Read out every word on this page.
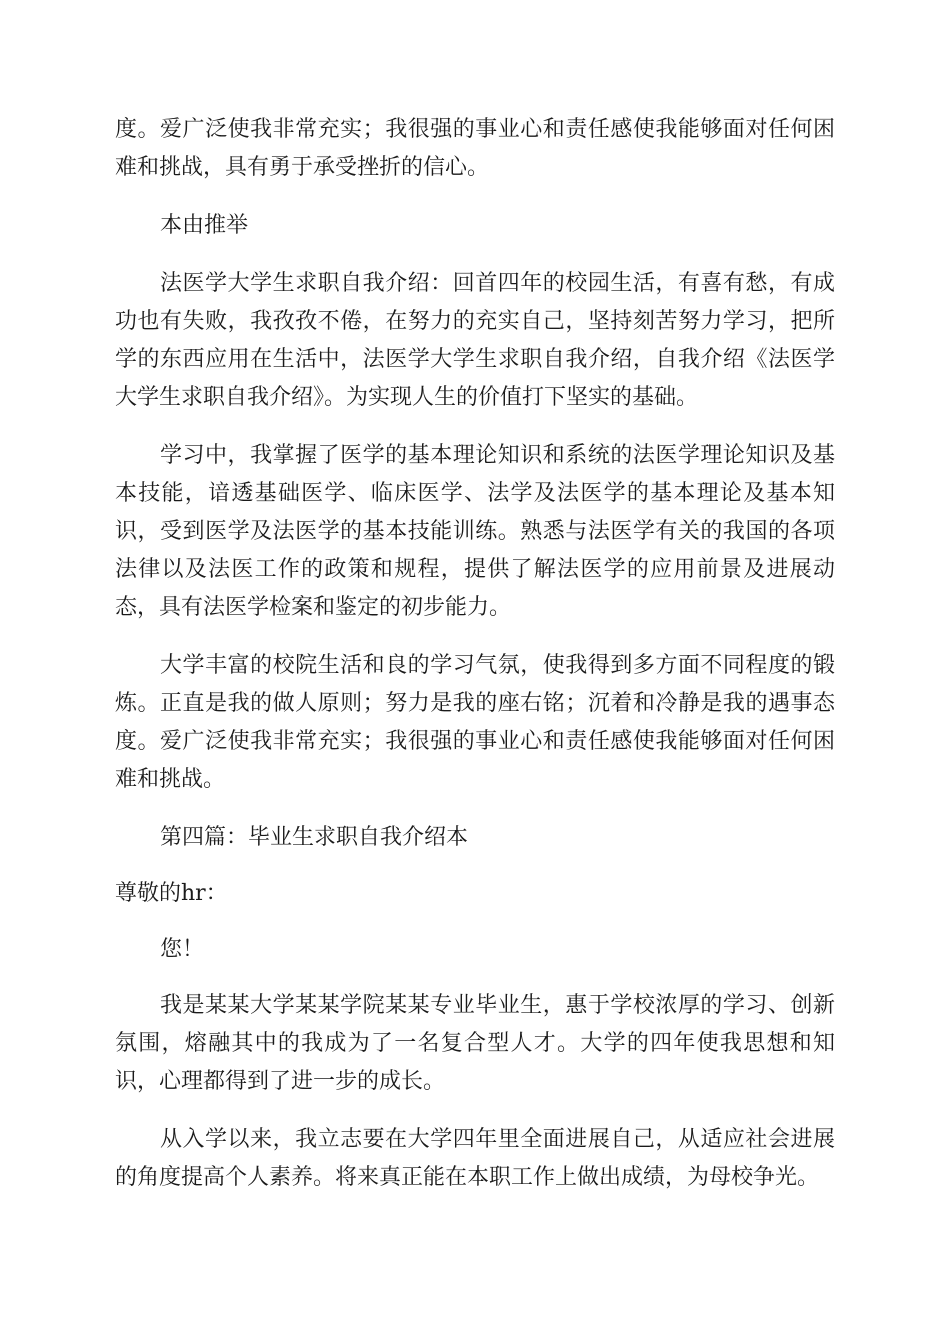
度。爱广泛使我非常充实；我很强的事业心和责任感使我能够面对任何困难和挑战，具有勇于承受挫折的信心。

本由推举

法医学大学生求职自我介绍：回首四年的校园生活，有喜有愁，有成功也有失败，我孜孜不倦，在努力的充实自己，坚持刻苦努力学习，把所学的东西应用在生活中，法医学大学生求职自我介绍，自我介绍《法医学大学生求职自我介绍》。为实现人生的价值打下坚实的基础。

学习中，我掌握了医学的基本理论知识和系统的法医学理论知识及基本技能，谙透基础医学、临床医学、法学及法医学的基本理论及基本知识，受到医学及法医学的基本技能训练。熟悉与法医学有关的我国的各项法律以及法医工作的政策和规程，提供了解法医学的应用前景及进展动态，具有法医学检案和鉴定的初步能力。

大学丰富的校院生活和良的学习气氛，使我得到多方面不同程度的锻炼。正直是我的做人原则；努力是我的座右铭；沉着和冷静是我的遇事态度。爱广泛使我非常充实；我很强的事业心和责任感使我能够面对任何困难和挑战。

第四篇：毕业生求职自我介绍本

尊敬的hr：

您！

我是某某大学某某学院某某专业毕业生，惠于学校浓厚的学习、创新氛围，熔融其中的我成为了一名复合型人才。大学的四年使我思想和知识，心理都得到了进一步的成长。

从入学以来，我立志要在大学四年里全面进展自己，从适应社会进展的角度提高个人素养。将来真正能在本职工作上做出成绩，为母校争光。
